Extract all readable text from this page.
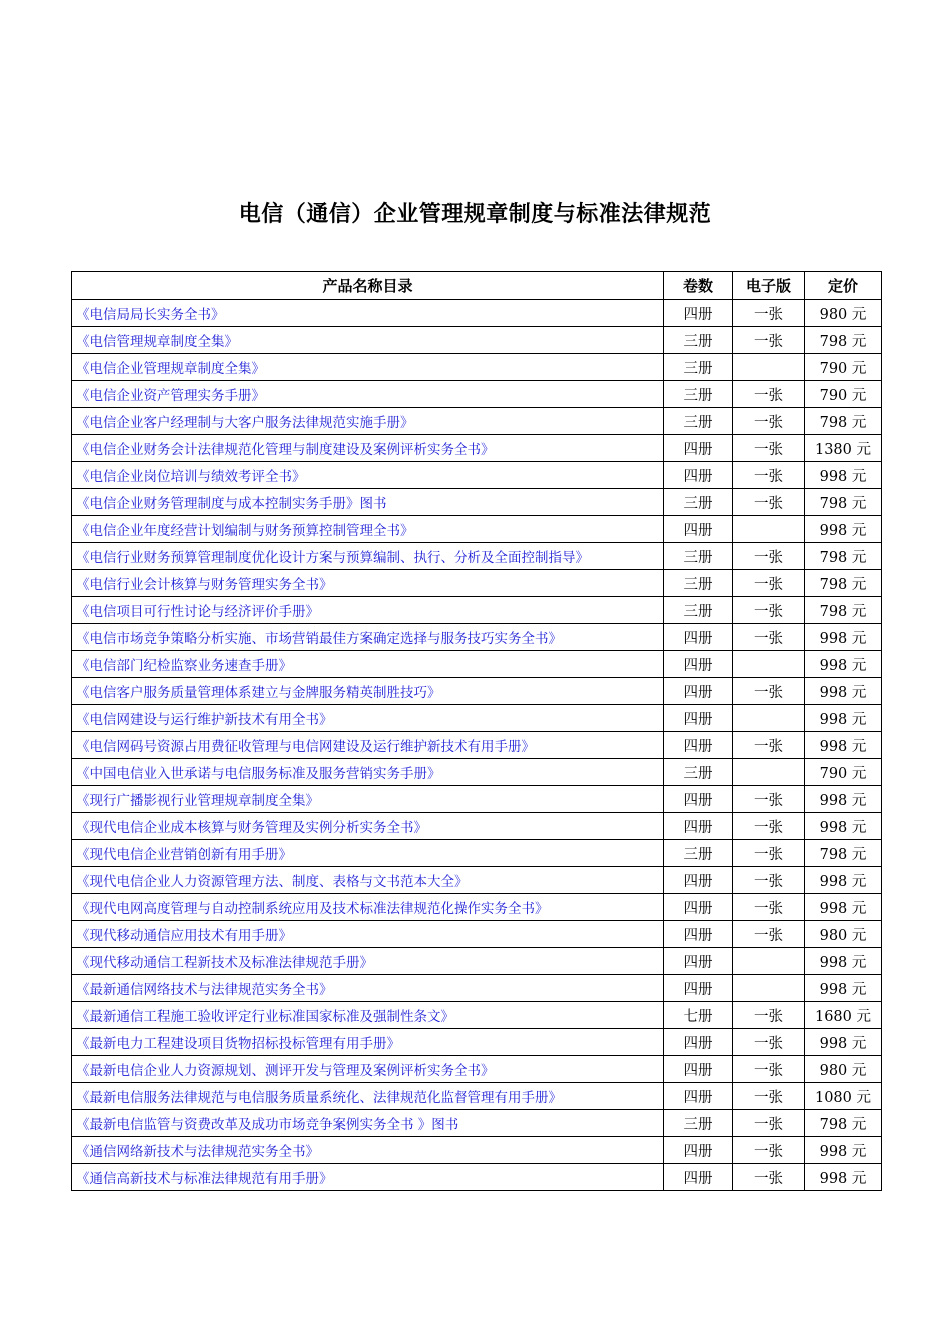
电信（通信）企业管理规章制度与标准法律规范
产品名称目录	卷数	电子版	定价
《电信局局长实务全书》	四册	一张	980 元
《电信管理规章制度全集》	三册	一张	798 元
《电信企业管理规章制度全集》	三册		790 元
《电信企业资产管理实务手册》	三册	一张	790 元
《电信企业客户经理制与大客户服务法律规范实施手册》	三册	一张	798 元
《电信企业财务会计法律规范化管理与制度建设及案例评析实务全书》	四册	一张	1380 元
《电信企业岗位培训与绩效考评全书》	四册	一张	998 元
《电信企业财务管理制度与成本控制实务手册》图书	三册	一张	798 元
《电信企业年度经营计划编制与财务预算控制管理全书》	四册		998 元
《电信行业财务预算管理制度优化设计方案与预算编制、执行、分析及全面控制指导》	三册	一张	798 元
《电信行业会计核算与财务管理实务全书》	三册	一张	798 元
《电信项目可行性讨论与经济评价手册》	三册	一张	798 元
《电信市场竞争策略分析实施、市场营销最佳方案确定选择与服务技巧实务全书》	四册	一张	998 元
《电信部门纪检监察业务速查手册》	四册		998 元
《电信客户服务质量管理体系建立与金牌服务精英制胜技巧》	四册	一张	998 元
《电信网建设与运行维护新技术有用全书》	四册		998 元
《电信网码号资源占用费征收管理与电信网建设及运行维护新技术有用手册》	四册	一张	998 元
《中国电信业入世承诺与电信服务标准及服务营销实务手册》	三册		790 元
《现行广播影视行业管理规章制度全集》	四册	一张	998 元
《现代电信企业成本核算与财务管理及实例分析实务全书》	四册	一张	998 元
《现代电信企业营销创新有用手册》	三册	一张	798 元
《现代电信企业人力资源管理方法、制度、表格与文书范本大全》	四册	一张	998 元
《现代电网高度管理与自动控制系统应用及技术标准法律规范化操作实务全书》	四册	一张	998 元
《现代移动通信应用技术有用手册》	四册	一张	980 元
《现代移动通信工程新技术及标准法律规范手册》	四册		998 元
《最新通信网络技术与法律规范实务全书》	四册		998 元
《最新通信工程施工验收评定行业标准国家标准及强制性条文》	七册	一张	1680 元
《最新电力工程建设项目货物招标投标管理有用手册》	四册	一张	998 元
《最新电信企业人力资源规划、测评开发与管理及案例评析实务全书》	四册	一张	980 元
《最新电信服务法律规范与电信服务质量系统化、法律规范化监督管理有用手册》	四册	一张	1080 元
《最新电信监管与资费改革及成功市场竞争案例实务全书 》图书	三册	一张	798 元
《通信网络新技术与法律规范实务全书》	四册	一张	998 元
《通信高新技术与标准法律规范有用手册》	四册	一张	998 元
